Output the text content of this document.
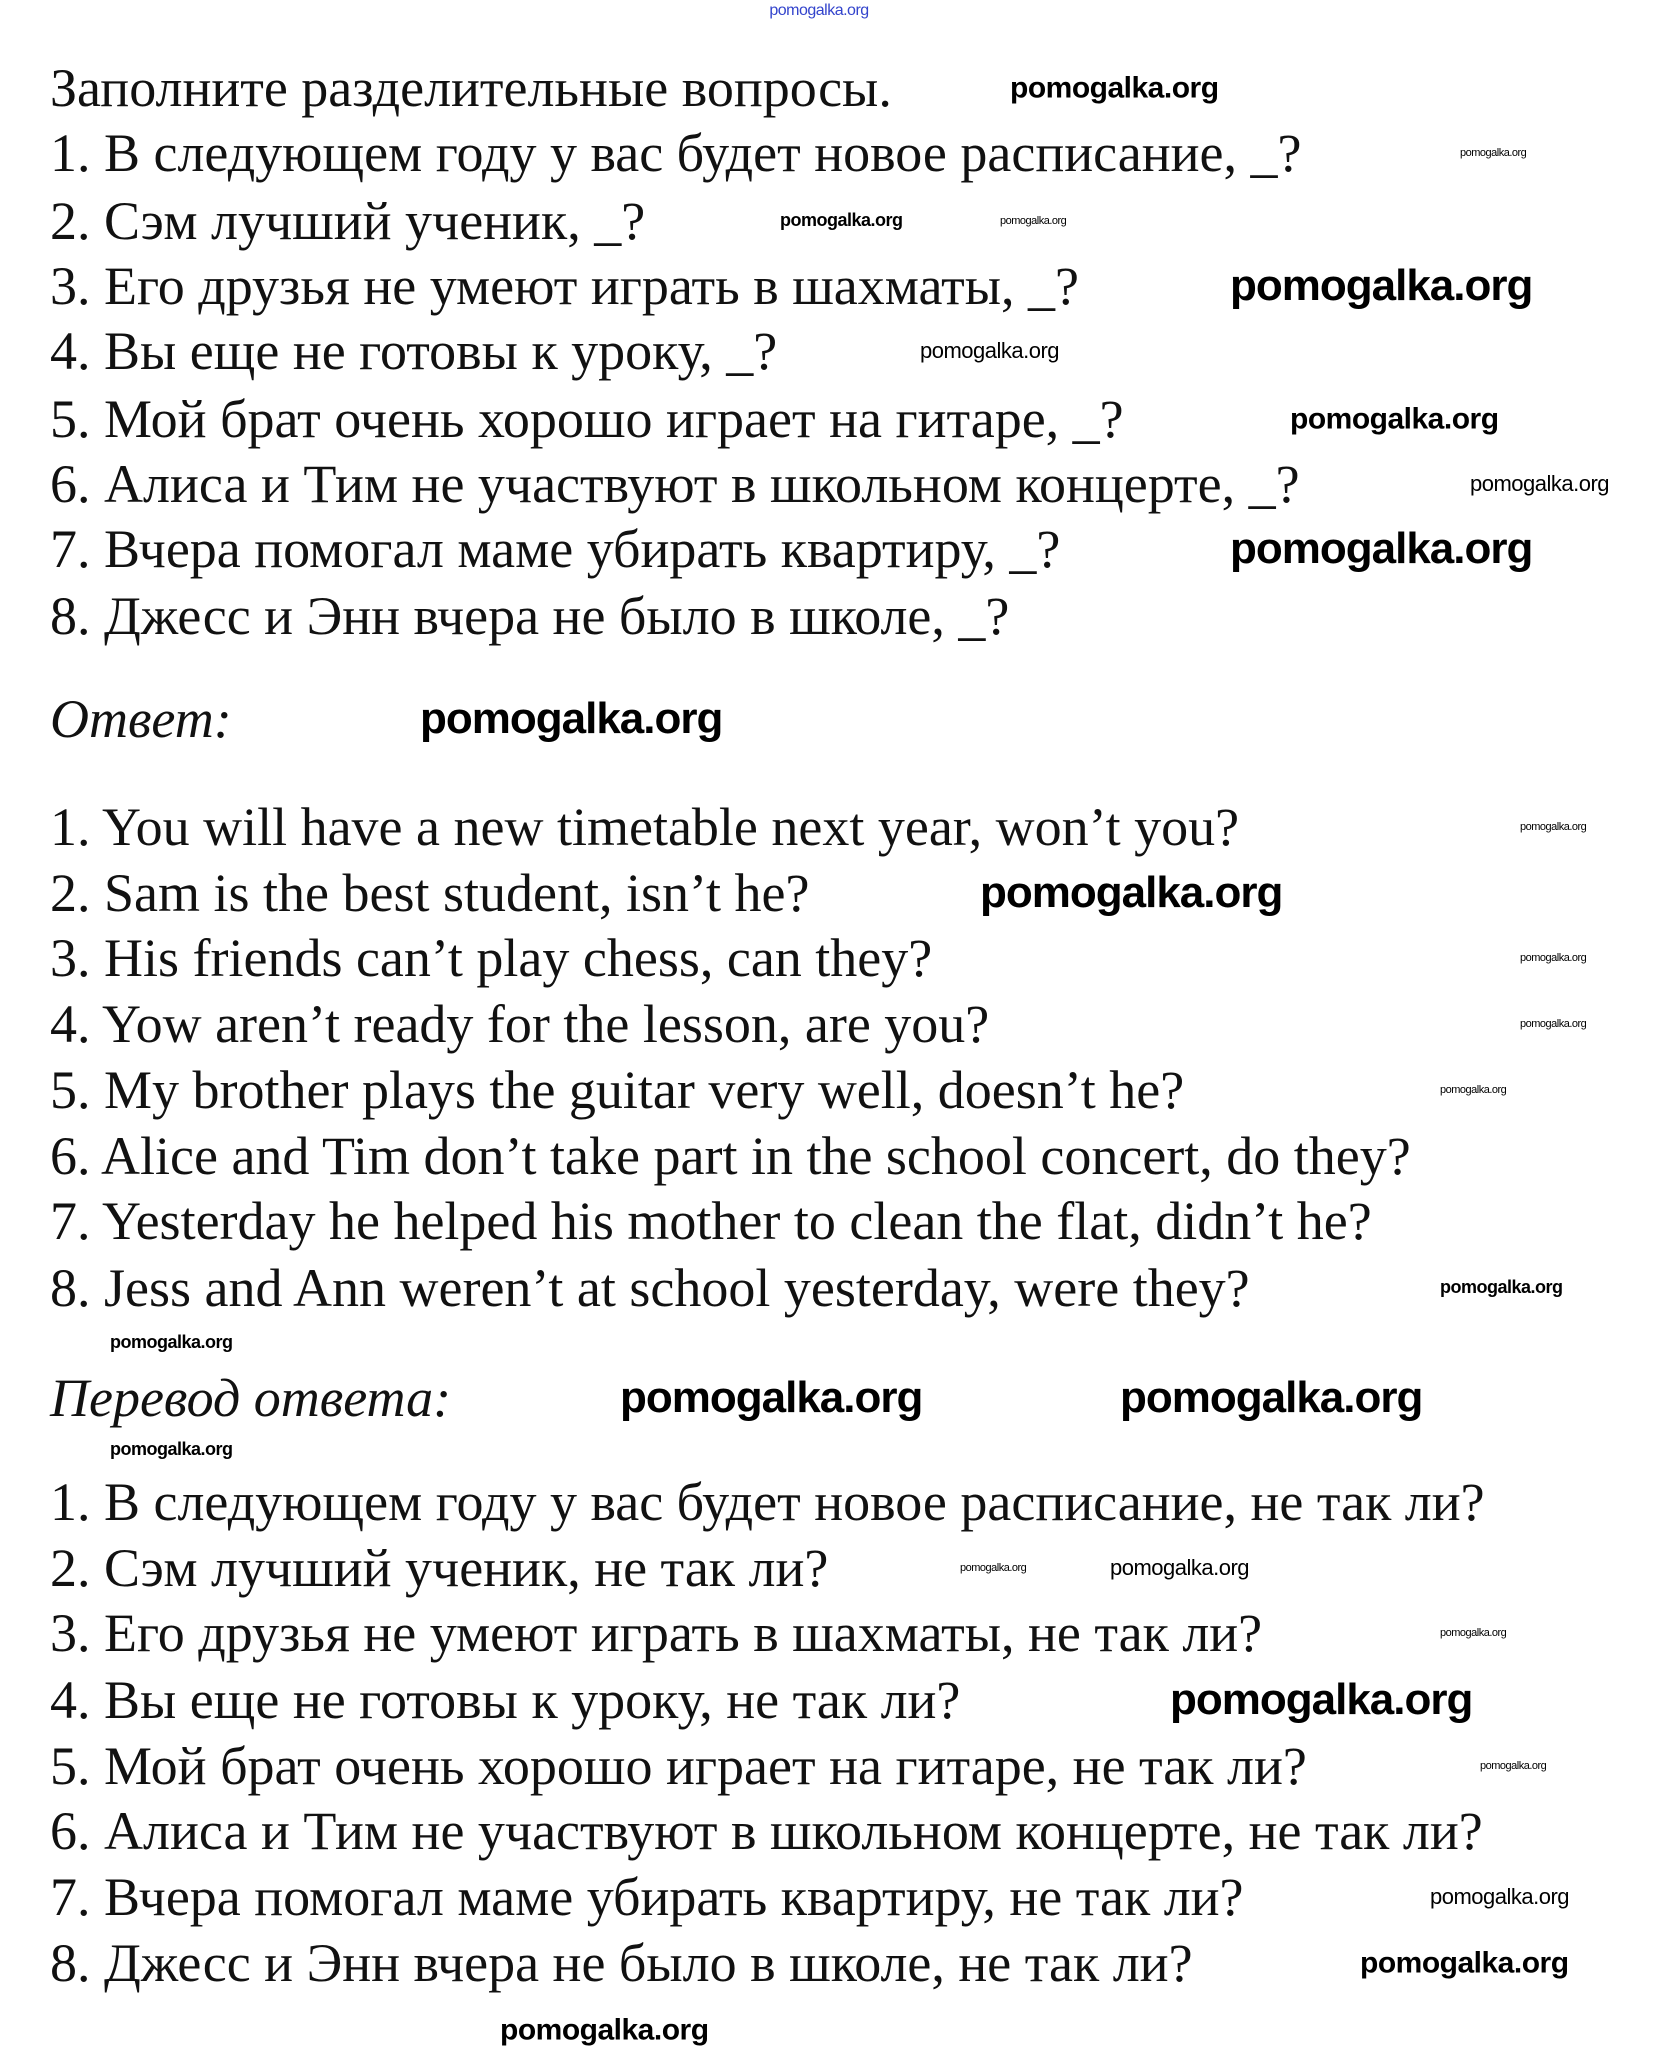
pomogalka.org
Заполните разделительные вопросы.
1. В следующем году у вас будет новое расписание, _?
2. Сэм лучший ученик, _?
3. Его друзья не умеют играть в шахматы, _?
4. Вы еще не готовы к уроку, _?
5. Мой брат очень хорошо играет на гитаре, _?
6. Алиса и Тим не участвуют в школьном концерте, _?
7. Вчера помогал маме убирать квартиру, _?
8. Джесс и Энн вчера не было в школе, _?
Ответ:
1. You will have a new timetable next year, won’t you?
2. Sam is the best student, isn’t he?
3. His friends can’t play chess, can they?
4. Yow aren’t ready for the lesson, are you?
5. My brother plays the guitar very well, doesn’t he?
6. Alice and Tim don’t take part in the school concert, do they?
7. Yesterday he helped his mother to clean the flat, didn’t he?
8. Jess and Ann weren’t at school yesterday, were they?
Перевод ответа:
1. В следующем году у вас будет новое расписание, не так ли?
2. Сэм лучший ученик, не так ли?
3. Его друзья не умеют играть в шахматы, не так ли?
4. Вы еще не готовы к уроку, не так ли?
5. Мой брат очень хорошо играет на гитаре, не так ли?
6. Алиса и Тим не участвуют в школьном концерте, не так ли?
7. Вчера помогал маме убирать квартиру, не так ли?
8. Джесс и Энн вчера не было в школе, не так ли?
pomogalka.org
pomogalka.org
pomogalka.org	pomogalka.org
pomogalka.org
pomogalka.org
pomogalka.org
pomogalka.org
pomogalka.org
pomogalka.org
pomogalka.org
pomogalka.org
pomogalka.org
pomogalka.org
pomogalka.org
pomogalka.org
pomogalka.org	pomogalka.org
pomogalka.org
pomogalka.org
pomogalka.org	pomogalka.org
pomogalka.org
pomogalka.org
pomogalka.org
pomogalka.org
pomogalka.org
pomogalka.org
